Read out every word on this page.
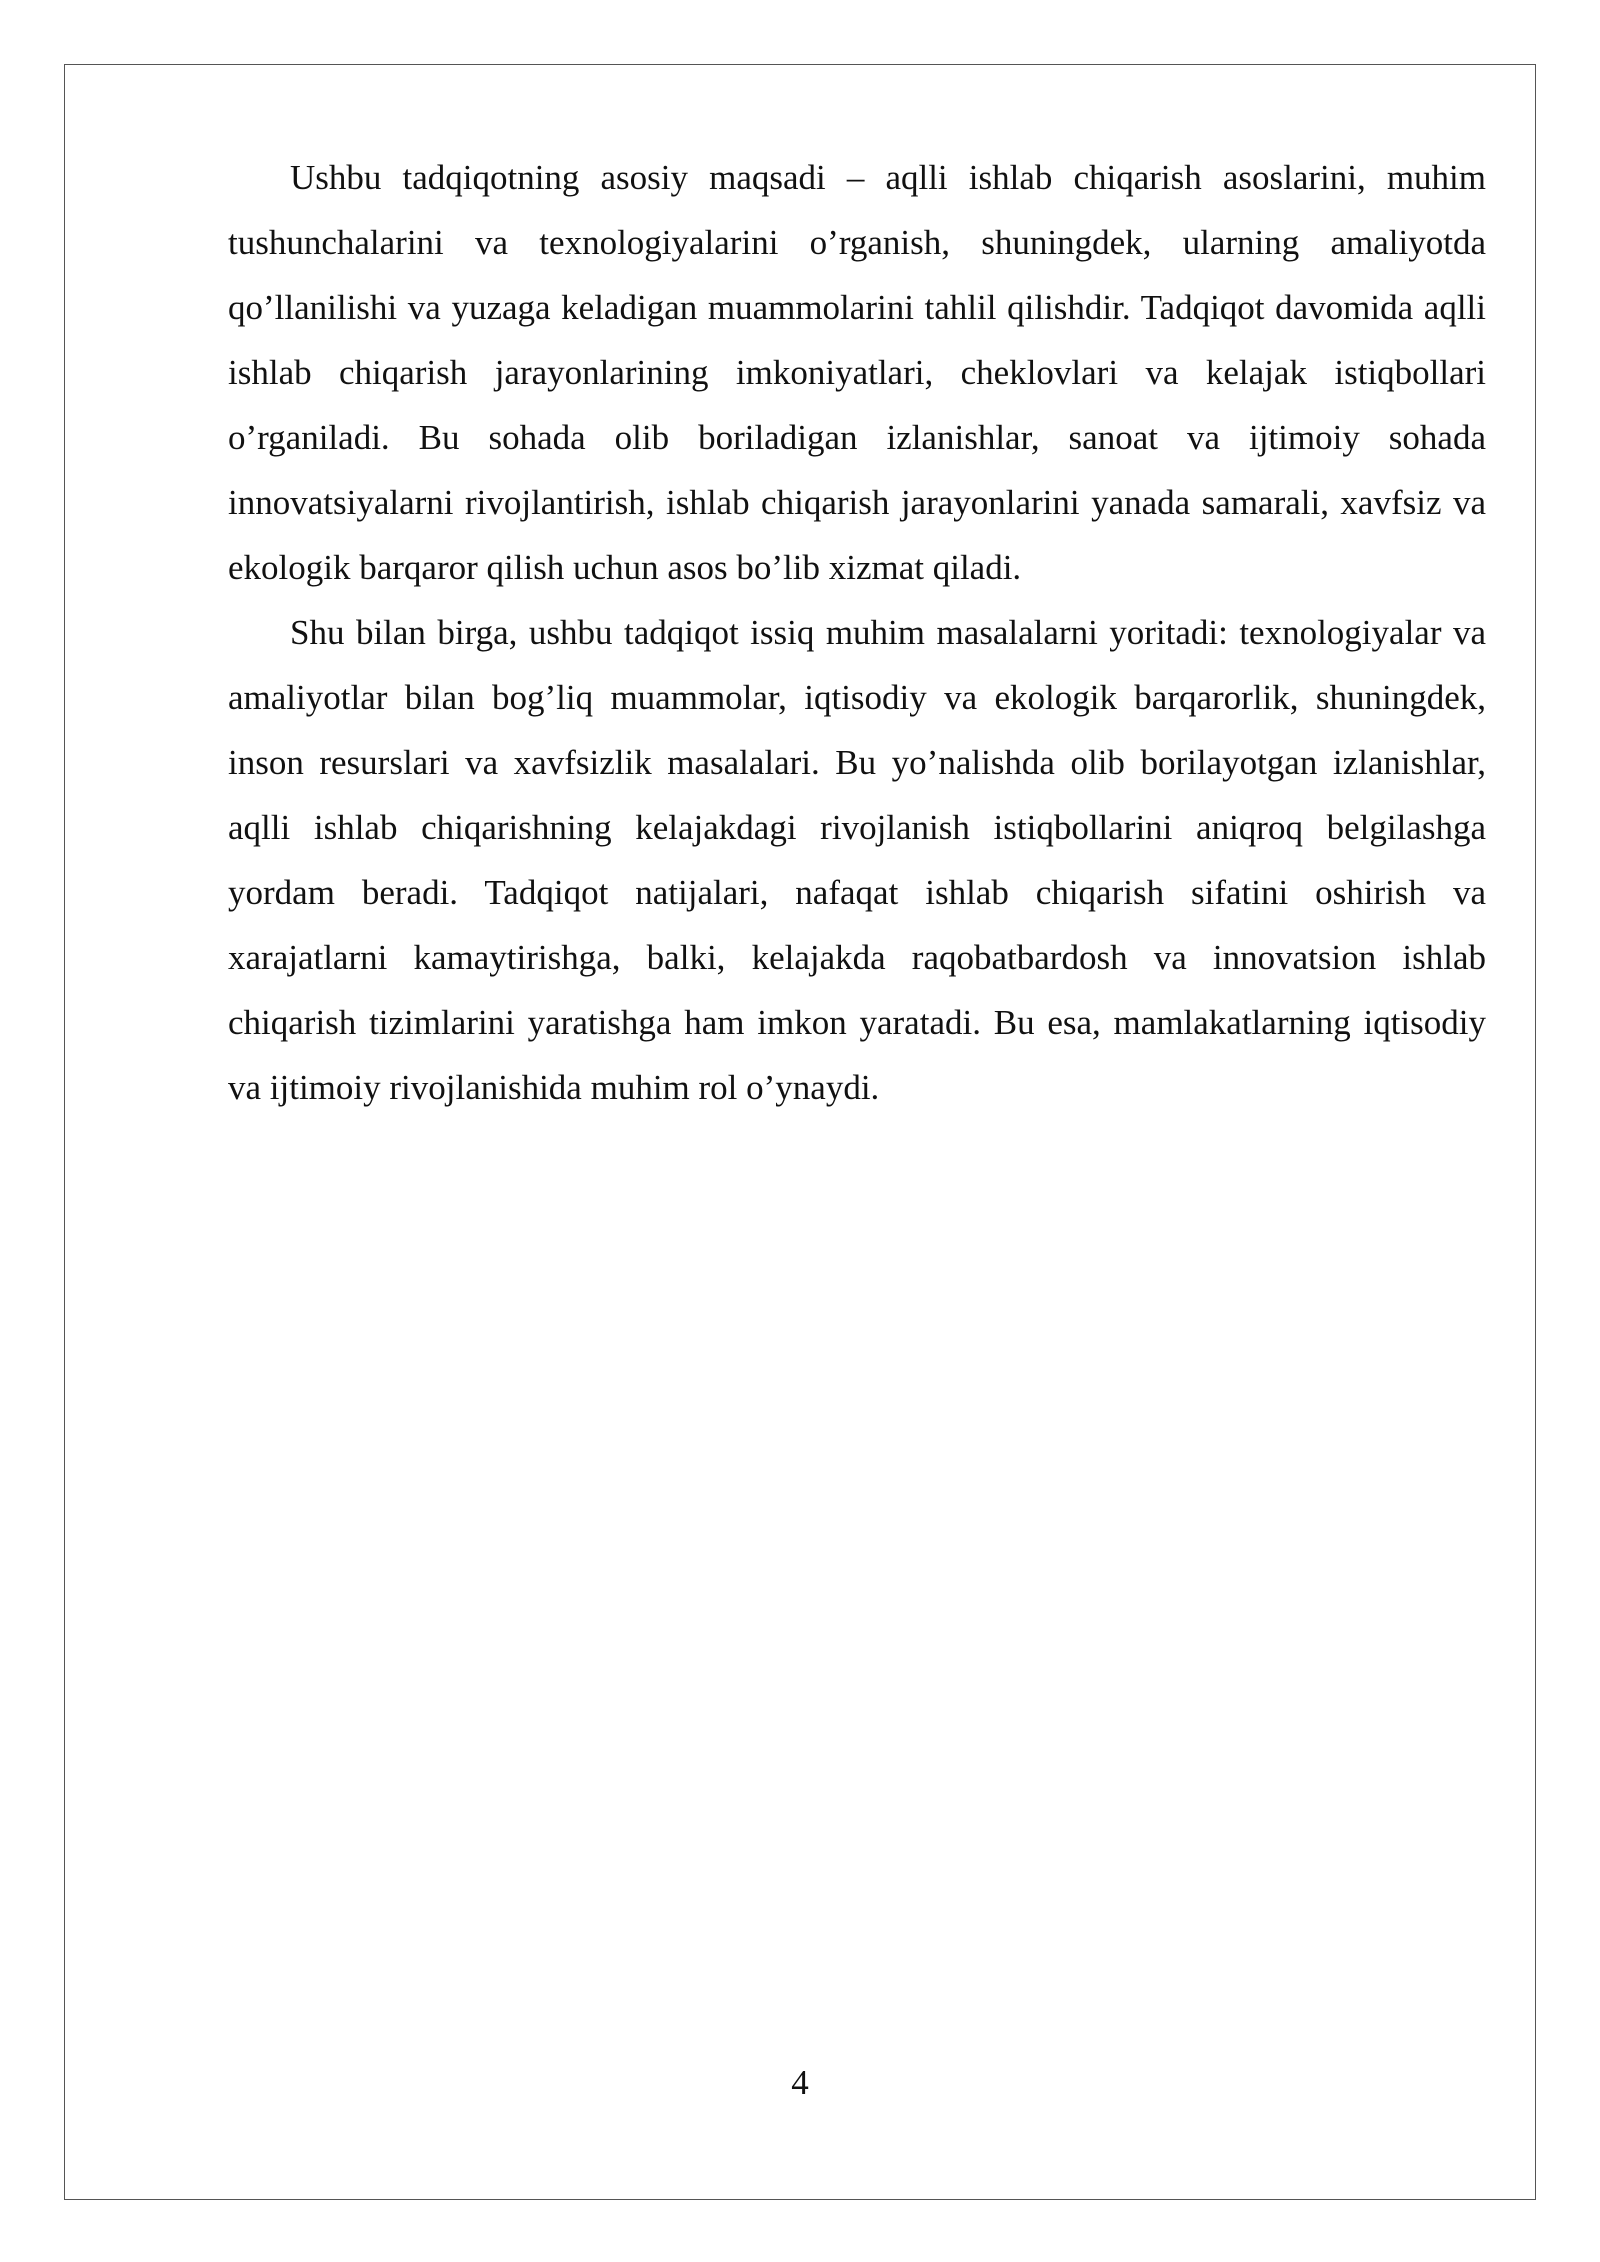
Ushbu tadqiqotning asosiy maqsadi – aqlli ishlab chiqarish asoslarini, muhim tushunchalarini va texnologiyalarini o’rganish, shuningdek, ularning amaliyotda qo’llanilishi va yuzaga keladigan muammolarini tahlil qilishdir. Tadqiqot davomida aqlli ishlab chiqarish jarayonlarining imkoniyatlari, cheklovlari va kelajak istiqbollari o’rganiladi. Bu sohada olib boriladigan izlanishlar, sanoat va ijtimoiy sohada innovatsiyalarni rivojlantirish, ishlab chiqarish jarayonlarini yanada samarali, xavfsiz va ekologik barqaror qilish uchun asos bo’lib xizmat qiladi.

Shu bilan birga, ushbu tadqiqot issiq muhim masalalarni yoritadi: texnologiyalar va amaliyotlar bilan bog’liq muammolar, iqtisodiy va ekologik barqarorlik, shuningdek, inson resurslari va xavfsizlik masalalari. Bu yo’nalishda olib borilayotgan izlanishlar, aqlli ishlab chiqarishning kelajakdagi rivojlanish istiqbollarini aniqroq belgilashga yordam beradi. Tadqiqot natijalari, nafaqat ishlab chiqarish sifatini oshirish va xarajatlarni kamaytirishga, balki, kelajakda raqobatbardosh va innovatsion ishlab chiqarish tizimlarini yaratishga ham imkon yaratadi. Bu esa, mamlakatlarning iqtisodiy va ijtimoiy rivojlanishida muhim rol o’ynaydi.

4
